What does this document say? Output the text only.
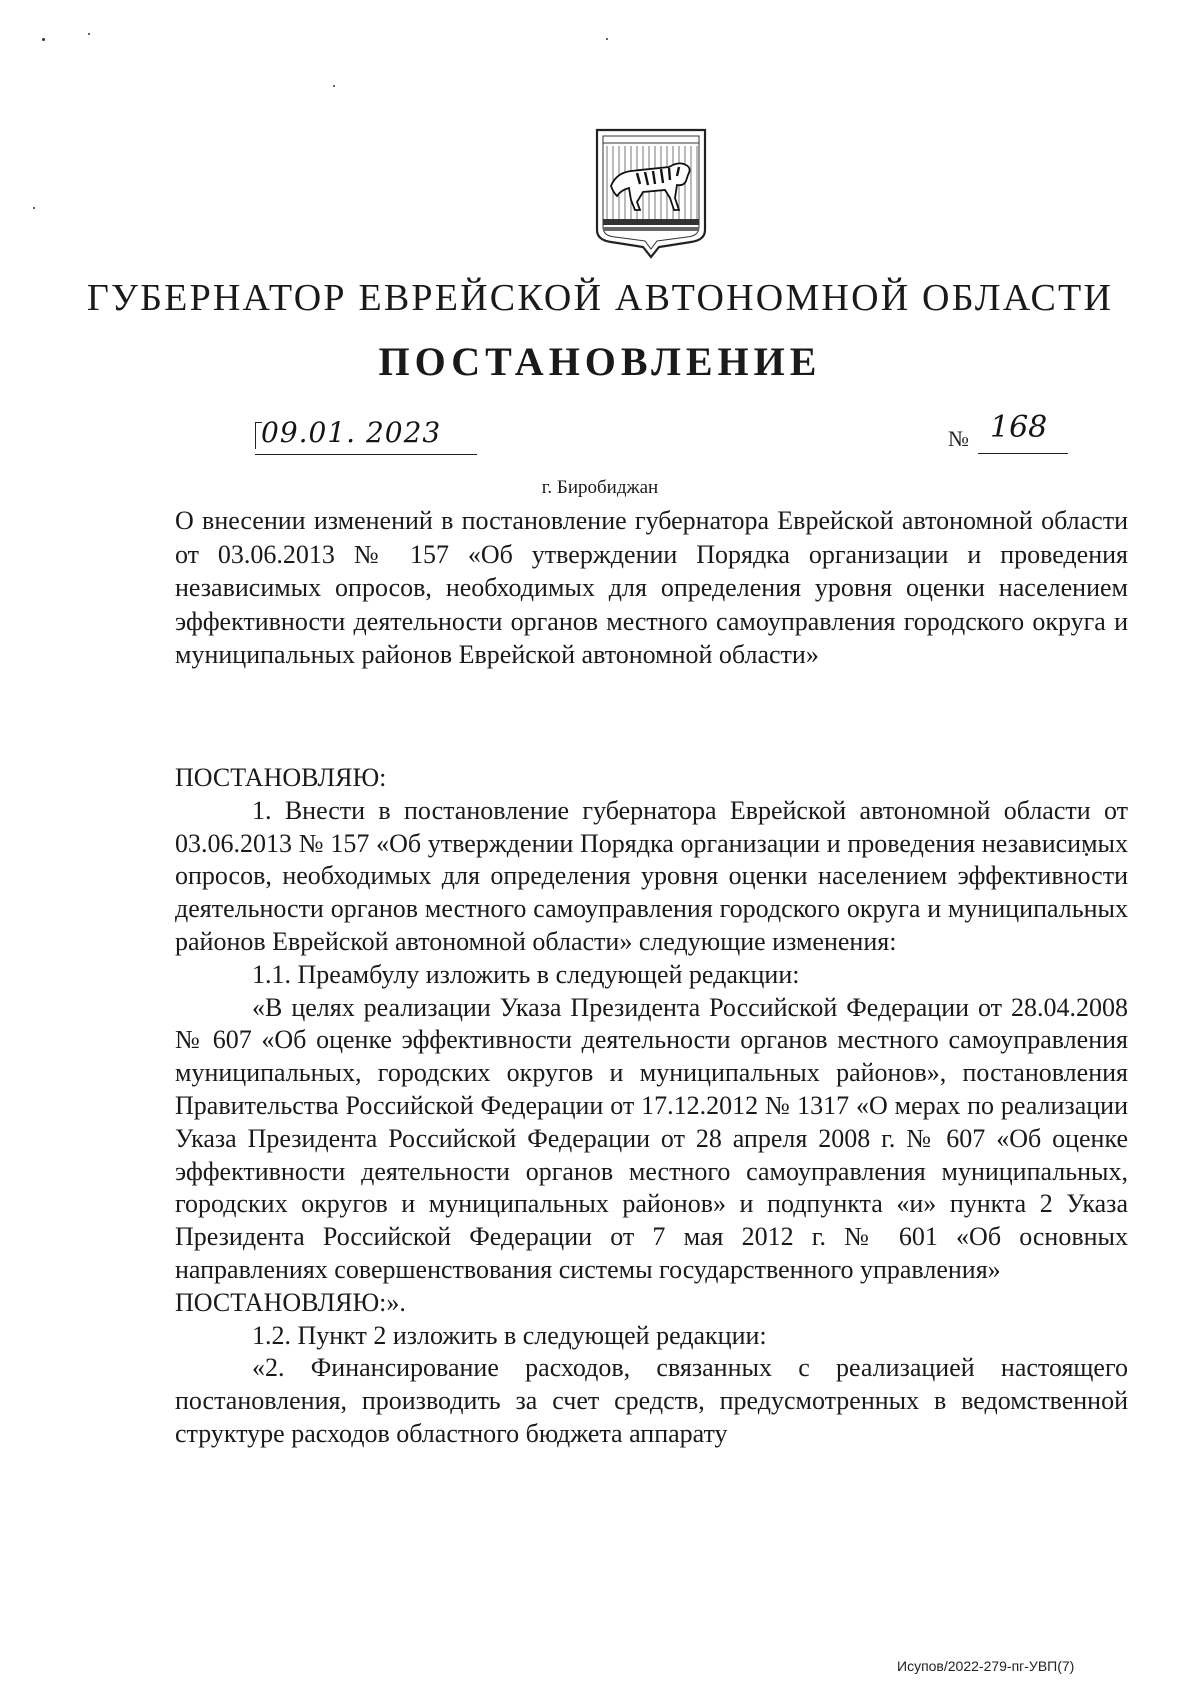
ГУБЕРНАТОР ЕВРЕЙСКОЙ АВТОНОМНОЙ ОБЛАСТИ
ПОСТАНОВЛЕНИЕ
09.01. 2023	№ 168
г. Биробиджан
О внесении изменений в постановление губернатора Еврейской автономной области от 03.06.2013 № 157 «Об утверждении Порядка организации и проведения независимых опросов, необходимых для определения уровня оценки населением эффективности деятельности органов местного самоуправления городского округа и муниципальных районов Еврейской автономной области»

ПОСТАНОВЛЯЮ:

1. Внести в постановление губернатора Еврейской автономной области от 03.06.2013 № 157 «Об утверждении Порядка организации и проведения независимых опросов, необходимых для определения уровня оценки населением эффективности деятельности органов местного самоуправления городского округа и муниципальных районов Еврейской автономной области» следующие изменения:

1.1. Преамбулу изложить в следующей редакции:

«В целях реализации Указа Президента Российской Федерации от 28.04.2008 № 607 «Об оценке эффективности деятельности органов местного самоуправления муниципальных, городских округов и муниципальных районов», постановления Правительства Российской Федерации от 17.12.2012 № 1317 «О мерах по реализации Указа Президента Российской Федерации от 28 апреля 2008 г. № 607 «Об оценке эффективности деятельности органов местного самоуправления муниципальных, городских округов и муниципальных районов» и подпункта «и» пункта 2 Указа Президента Российской Федерации от 7 мая 2012 г. № 601 «Об основных направлениях совершенствования системы государственного управления»

ПОСТАНОВЛЯЮ:».

1.2. Пункт 2 изложить в следующей редакции:

«2. Финансирование расходов, связанных с реализацией настоящего постановления, производить за счет средств, предусмотренных в ведомственной структуре расходов областного бюджета аппарату

Исупов/2022-279-пг-УВП(7)
